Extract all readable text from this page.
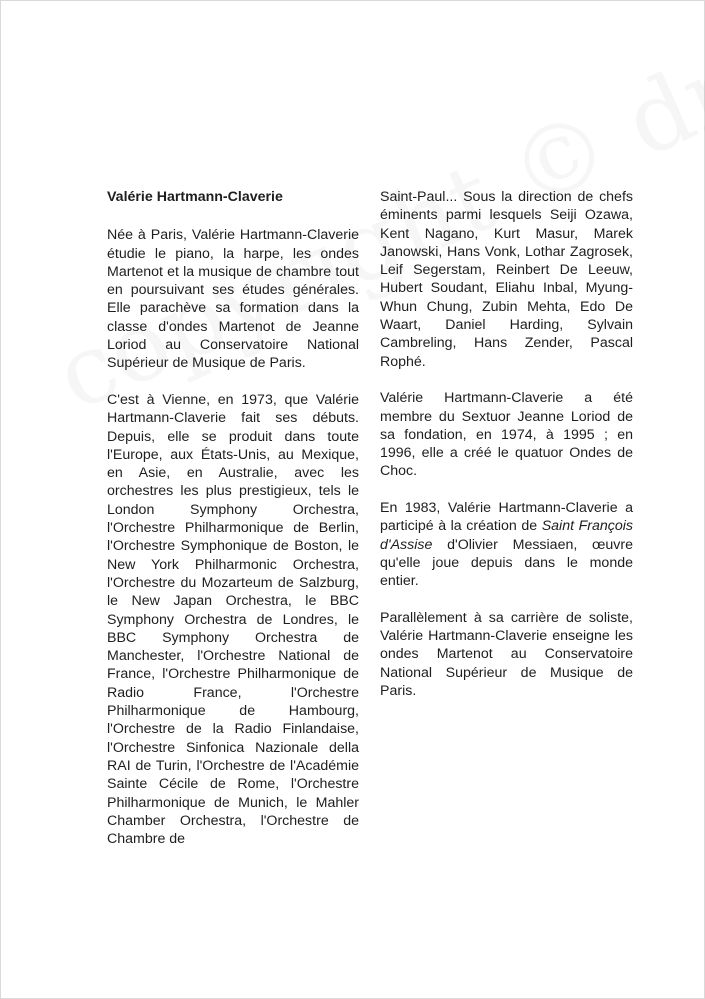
Valérie Hartmann-Claverie

Née à Paris, Valérie Hartmann-Claverie étudie le piano, la harpe, les ondes Martenot et la musique de chambre tout en poursuivant ses études générales. Elle parachève sa formation dans la classe d'ondes Martenot de Jeanne Loriod au Conservatoire National Supérieur de Musique de Paris.

C'est à Vienne, en 1973, que Valérie Hartmann-Claverie fait ses débuts. Depuis, elle se produit dans toute l'Europe, aux États-Unis, au Mexique, en Asie, en Australie, avec les orchestres les plus prestigieux, tels le London Symphony Orchestra, l'Orchestre Philharmonique de Berlin, l'Orchestre Symphonique de Boston, le New York Philharmonic Orchestra, l'Orchestre du Mozarteum de Salzburg, le New Japan Orchestra, le BBC Symphony Orchestra de Londres, le BBC Symphony Orchestra de Manchester, l'Orchestre National de France, l'Orchestre Philharmonique de Radio France, l'Orchestre Philharmonique de Hambourg, l'Orchestre de la Radio Finlandaise, l'Orchestre Sinfonica Nazionale della RAI de Turin, l'Orchestre de l'Académie Sainte Cécile de Rome, l'Orchestre Philharmonique de Munich, le Mahler Chamber Orchestra, l'Orchestre de Chambre de

Saint-Paul... Sous la direction de chefs éminents parmi lesquels Seiji Ozawa, Kent Nagano, Kurt Masur, Marek Janowski, Hans Vonk, Lothar Zagrosek, Leif Segerstam, Reinbert De Leeuw, Hubert Soudant, Eliahu Inbal, Myung-Whun Chung, Zubin Mehta, Edo De Waart, Daniel Harding, Sylvain Cambreling, Hans Zender, Pascal Rophé.

Valérie Hartmann-Claverie a été membre du Sextuor Jeanne Loriod de sa fondation, en 1974, à 1995 ; en 1996, elle a créé le quatuor Ondes de Choc.

En 1983, Valérie Hartmann-Claverie a participé à la création de Saint François d'Assise d'Olivier Messiaen, œuvre qu'elle joue depuis dans le monde entier.

Parallèlement à sa carrière de soliste, Valérie Hartmann-Claverie enseigne les ondes Martenot au Conservatoire National Supérieur de Musique de Paris.
